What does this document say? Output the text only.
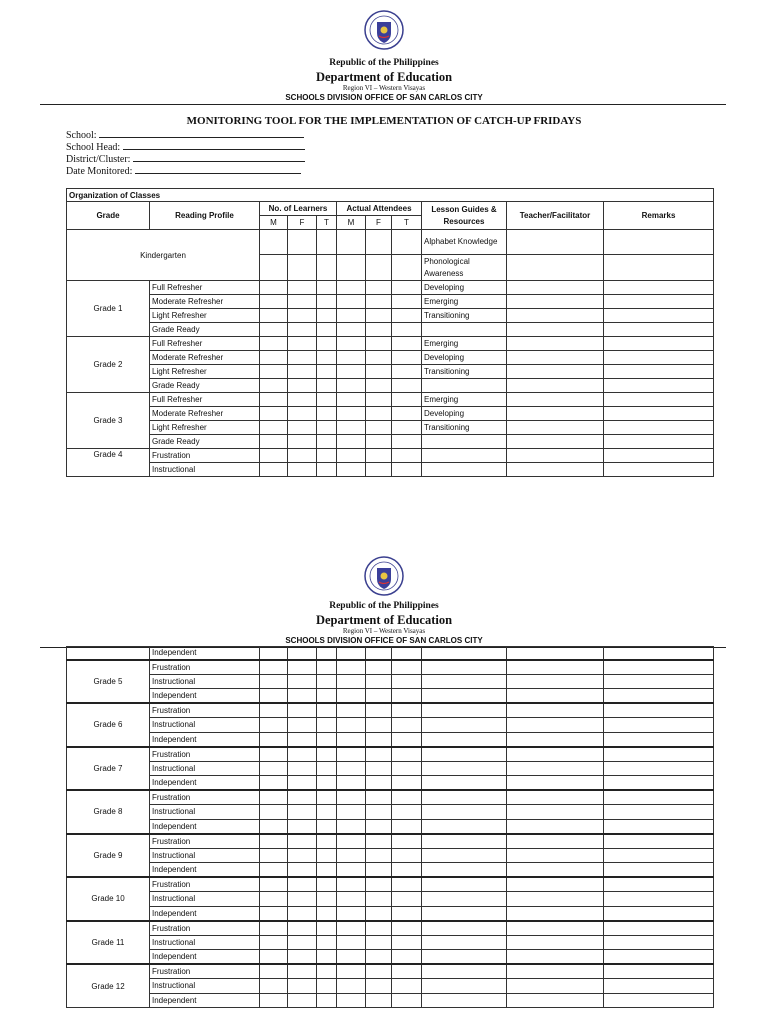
Republic of the Philippines
Department of Education
Region VI – Western Visayas
SCHOOLS DIVISION OFFICE OF SAN CARLOS CITY
MONITORING TOOL FOR THE IMPLEMENTATION OF CATCH-UP FRIDAYS
School:
School Head:
District/Cluster:
Date Monitored:
Organization of Classes										
Grade	Reading Profile	No. of Learners			Actual Attendees			Lesson Guides & Resources	Teacher/Facilitator	Remarks
		M	F	T	M	F	T			
Kindergarten								Alphabet Knowledge		
								Phonological Awareness		
Grade 1	Full Refresher							Developing		
	Moderate Refresher							Emerging		
	Light Refresher							Transitioning		
	Grade Ready									
Grade 2	Full Refresher							Emerging		
	Moderate Refresher							Developing		
	Light Refresher							Transitioning		
	Grade Ready									
Grade 3	Full Refresher							Emerging		
	Moderate Refresher							Developing		
	Light Refresher							Transitioning		
	Grade Ready									
Grade 4	Frustration									
	Instructional									
Republic of the Philippines
Department of Education
Region VI – Western Visayas
SCHOOLS DIVISION OFFICE OF SAN CARLOS CITY
	Independent									
Grade 5	Frustration									
	Instructional									
	Independent									
Grade 6	Frustration									
	Instructional									
	Independent									
Grade 7	Frustration									
	Instructional									
	Independent									
Grade 8	Frustration									
	Instructional									
	Independent									
Grade 9	Frustration									
	Instructional									
	Independent									
Grade 10	Frustration									
	Instructional									
	Independent									
Grade 11	Frustration									
	Instructional									
	Independent									
Grade 12	Frustration									
	Instructional									
	Independent									
